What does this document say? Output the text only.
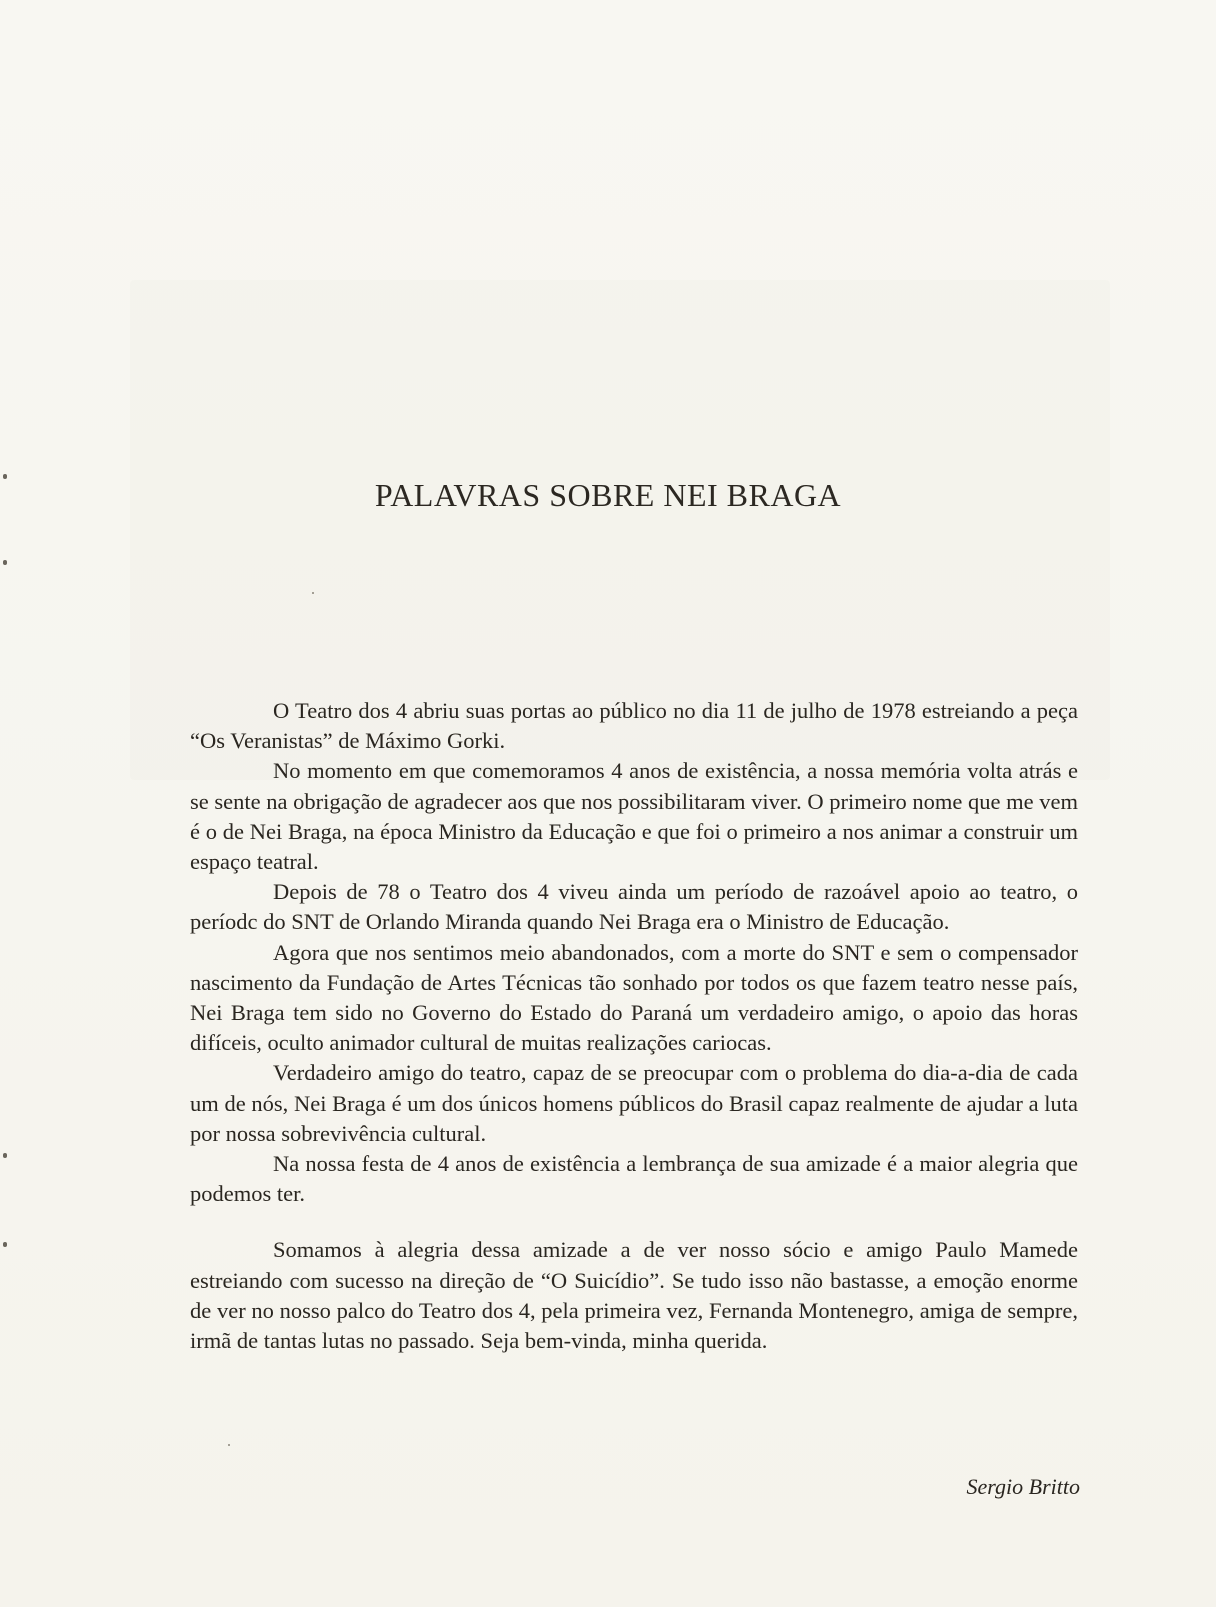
PALAVRAS SOBRE NEI BRAGA

O Teatro dos 4 abriu suas portas ao público no dia 11 de julho de 1978 estreiando a peça “Os Veranistas” de Máximo Gorki.

No momento em que comemoramos 4 anos de existência, a nossa memória volta atrás e se sente na obrigação de agradecer aos que nos possibilitaram viver. O primeiro nome que me vem é o de Nei Braga, na época Ministro da Educação e que foi o primeiro a nos animar a construir um espaço teatral.

Depois de 78 o Teatro dos 4 viveu ainda um período de razoável apoio ao teatro, o períodc do SNT de Orlando Miranda quando Nei Braga era o Ministro de Educação.

Agora que nos sentimos meio abandonados, com a morte do SNT e sem o compensador nascimento da Fundação de Artes Técnicas tão sonhado por todos os que fazem teatro nesse país, Nei Braga tem sido no Governo do Estado do Paraná um verdadeiro amigo, o apoio das horas difíceis, oculto animador cultural de muitas realizações cariocas.

Verdadeiro amigo do teatro, capaz de se preocupar com o problema do dia-a-dia de cada um de nós, Nei Braga é um dos únicos homens públicos do Brasil capaz realmente de ajudar a luta por nossa sobrevivência cultural.

Na nossa festa de 4 anos de existência a lembrança de sua amizade é a maior alegria que podemos ter.

Somamos à alegria dessa amizade a de ver nosso sócio e amigo Paulo Mamede estreiando com sucesso na direção de “O Suicídio”. Se tudo isso não bastasse, a emoção enorme de ver no nosso palco do Teatro dos 4, pela primeira vez, Fernanda Montenegro, amiga de sempre, irmã de tantas lutas no passado. Seja bem-vinda, minha querida.

Sergio Britto
